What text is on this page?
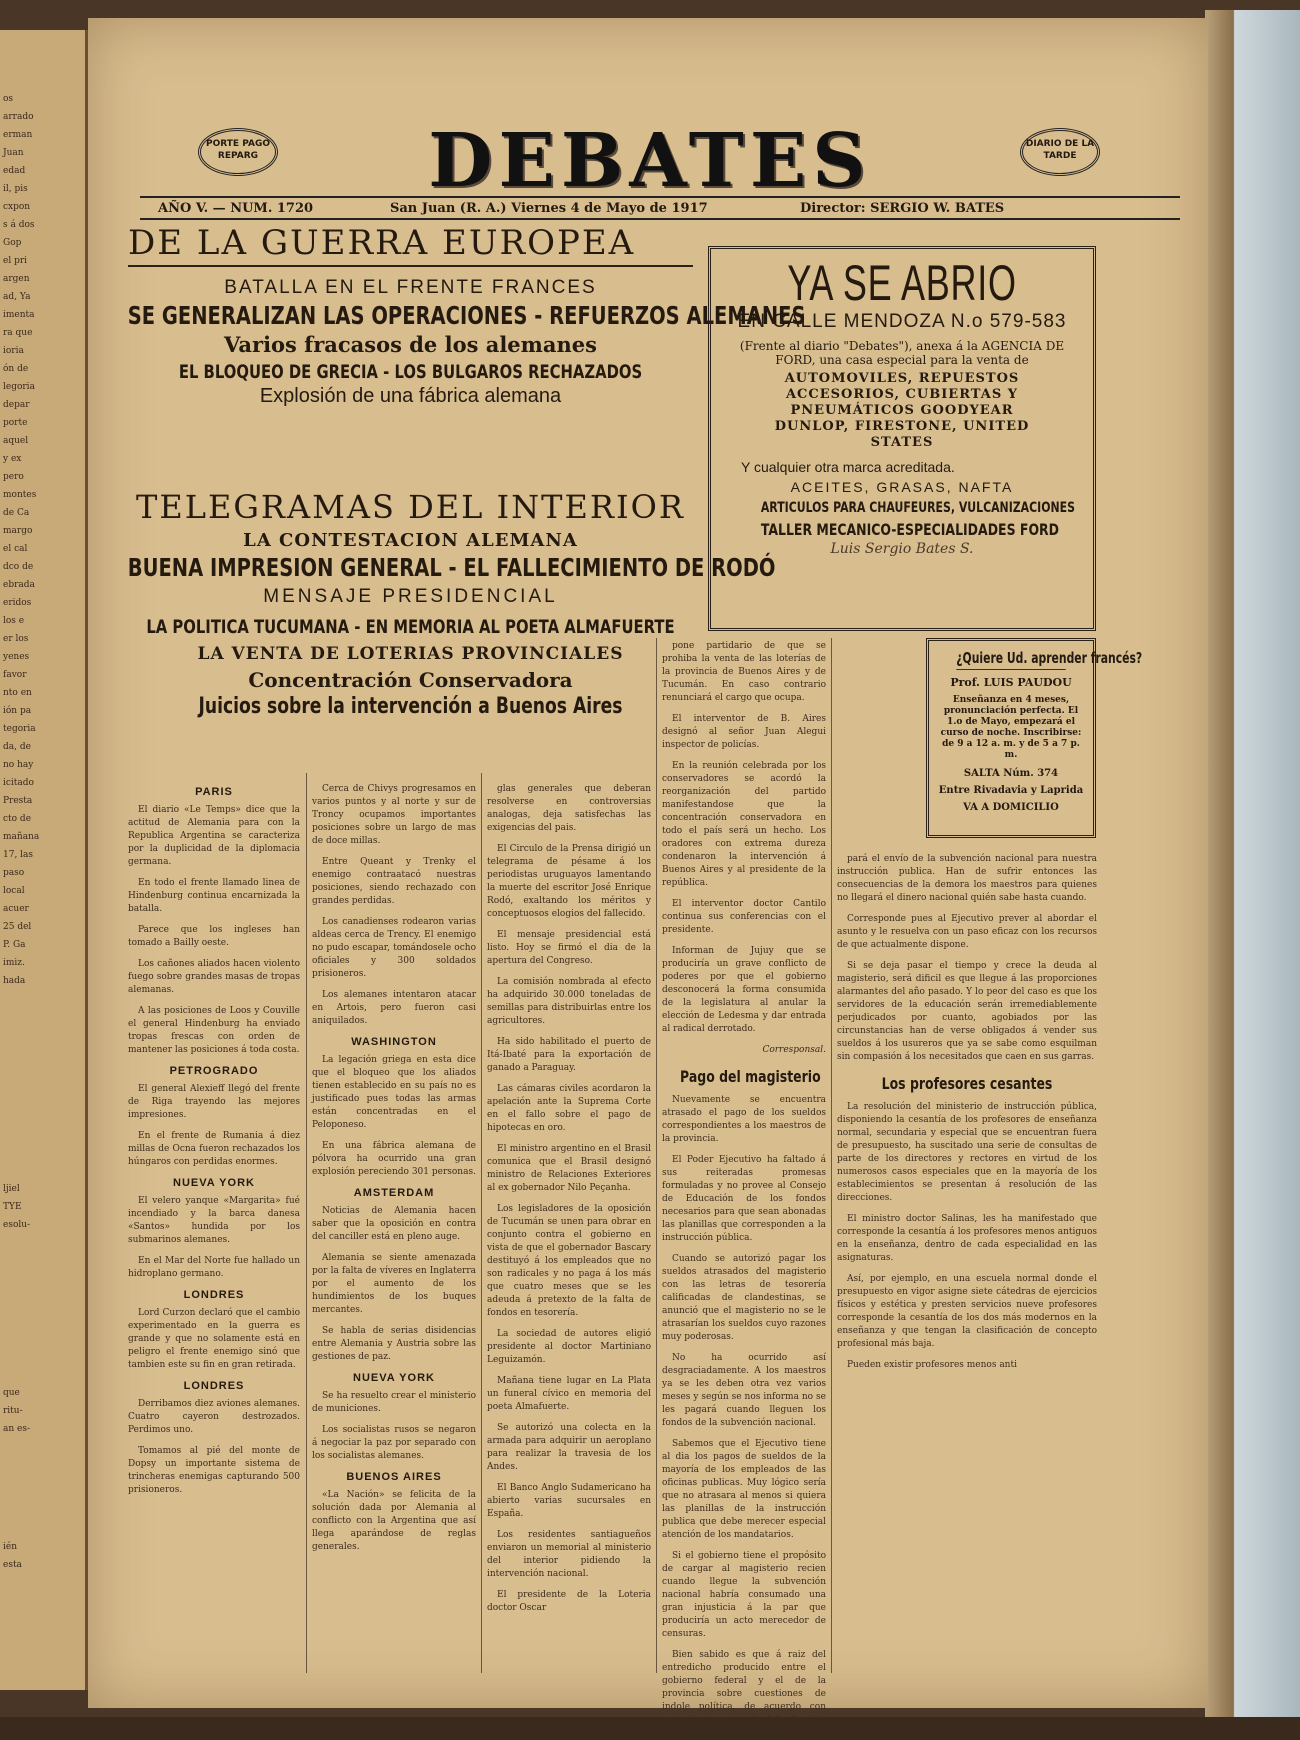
os
arrado
erman
Juan
edad
il, pis
cxpon
s á dos
Gop
el pri
argen
ad, Ya
imenta
ra que
ioria
ón de
legoria
depar
porte
aquel
y ex
pero
montes
de Ca
margo
el cal
dco de
ebrada
eridos
los e
er los
yenes
favor
nto en
ión pa
tegoria
da, de
no hay
icitado
Presta
cto de
mañana
17, las
paso
local
acuer
25 del
P. Ga
imiz.
hada
ljiel
TYE
esolu-
que
ritu-
an es-
ién
esta
PORTE PAGO
REPARG	DEBATES	DIARIO DE LA TARDE
AÑO V. — NUM. 1720	San Juan (R. A.) Viernes 4 de Mayo de 1917	Director: SERGIO W. BATES
DE LA GUERRA EUROPEA
BATALLA EN EL FRENTE FRANCES
SE GENERALIZAN LAS OPERACIONES - REFUERZOS ALEMANES
Varios fracasos de los alemanes
EL BLOQUEO DE GRECIA - LOS BULGAROS RECHAZADOS
Explosión de una fábrica alemana
TELEGRAMAS DEL INTERIOR
LA CONTESTACION ALEMANA
BUENA IMPRESION GENERAL - EL FALLECIMIENTO DE RODÓ
MENSAJE PRESIDENCIAL
LA POLITICA TUCUMANA - EN MEMORIA AL POETA ALMAFUERTE
LA VENTA DE LOTERIAS PROVINCIALES
Concentración Conservadora
Juicios sobre la intervención a Buenos Aires
YA SE ABRIO
EN CALLE MENDOZA N.o 579-583
(Frente al diario "Debates"), anexa á la AGENCIA DE FORD, una casa especial para la venta de
AUTOMOVILES, REPUESTOS ACCESORIOS, CUBIERTAS Y PNEUMÁTICOS GOODYEAR DUNLOP, FIRESTONE, UNITED STATES
Y cualquier otra marca acreditada.
ACEITES, GRASAS, NAFTA
ARTICULOS PARA CHAUFEURES, VULCANIZACIONES
TALLER MECANICO-ESPECIALIDADES FORD
Luis Sergio Bates S.
¿Quiere Ud. aprender francés?
Prof. LUIS PAUDOU
Enseñanza en 4 meses, pronunciación perfecta. El 1.o de Mayo, empezará el curso de noche. Inscribirse: de 9 a 12 a. m. y de 5 a 7 p. m.
SALTA Núm. 374
Entre Rivadavia y Laprida
VA A DOMICILIO
PARIS

El diario «Le Temps» dice que la actitud de Alemania para con la Republica Argentina se caracteriza por la duplicidad de la diplomacia germana.

En todo el frente llamado linea de Hindenburg continua encarnizada la batalla.

Parece que los ingleses han tomado a Bailly oeste.

Los cañones aliados hacen violento fuego sobre grandes masas de tropas alemanas.

A las posiciones de Loos y Couville el general Hindenburg ha enviado tropas frescas con orden de mantener las posiciones á toda costa.

PETROGRADO

El general Alexieff llegó del frente de Riga trayendo las mejores impresiones.

En el frente de Rumania á diez millas de Ocna fueron rechazados los húngaros con perdidas enormes.

NUEVA YORK

El velero yanque «Margarita» fué incendiado y la barca danesa «Santos» hundida por los submarinos alemanes.

En el Mar del Norte fue hallado un hidroplano germano.

LONDRES

Lord Curzon declaró que el cambio experimentado en la guerra es grande y que no solamente está en peligro el frente enemigo sinó que tambien este su fin en gran retirada.

LONDRES

Derribamos diez aviones alemanes. Cuatro cayeron destrozados. Perdimos uno.

Tomamos al pié del monte de Dopsy un importante sistema de trincheras enemigas capturando 500 prisioneros.

Cerca de Chivys progresamos en varios puntos y al norte y sur de Troncy ocupamos importantes posiciones sobre un largo de mas de doce millas.

Entre Queant y Trenky el enemigo contraatacó nuestras posiciones, siendo rechazado con grandes perdidas.

Los canadienses rodearon varias aldeas cerca de Trency. El enemigo no pudo escapar, tomándosele ocho oficiales y 300 soldados prisioneros.

Los alemanes intentaron atacar en Artois, pero fueron casi aniquilados.

WASHINGTON

La legación griega en esta dice que el bloqueo que los aliados tienen establecido en su país no es justificado pues todas las armas están concentradas en el Peloponeso.

En una fábrica alemana de pólvora ha ocurrido una gran explosión pereciendo 301 personas.

AMSTERDAM

Noticias de Alemania hacen saber que la oposición en contra del canciller está en pleno auge.

Alemania se siente amenazada por la falta de víveres en Inglaterra por el aumento de los hundimientos de los buques mercantes.

Se habla de serias disidencias entre Alemania y Austria sobre las gestiones de paz.

NUEVA YORK

Se ha resuelto crear el ministerio de municiones.

Los socialistas rusos se negaron á negociar la paz por separado con los socialistas alemanes.

BUENOS AIRES

«La Nación» se felicita de la solución dada por Alemania al conflicto con la Argentina que así llega aparándose de reglas generales.

glas generales que deberan resolverse en controversias analogas, deja satisfechas las exigencias del pais.

El Circulo de la Prensa dirigió un telegrama de pésame á los periodistas uruguayos lamentando la muerte del escritor José Enrique Rodó, exaltando los méritos y conceptuosos elogios del fallecido.

El mensaje presidencial está listo. Hoy se firmó el dia de la apertura del Congreso.

La comisión nombrada al efecto ha adquirido 30.000 toneladas de semillas para distribuirlas entre los agricultores.

Ha sido habilitado el puerto de Itá-Ibaté para la exportación de ganado a Paraguay.

Las cámaras civiles acordaron la apelación ante la Suprema Corte en el fallo sobre el pago de hipotecas en oro.

El ministro argentino en el Brasil comunica que el Brasil designó ministro de Relaciones Exteriores al ex gobernador Nilo Peçanha.

Los legisladores de la oposición de Tucumán se unen para obrar en conjunto contra el gobierno en vista de que el gobernador Bascary destituyó á los empleados que no son radicales y no paga á los más que cuatro meses que se les adeuda á pretexto de la falta de fondos en tesorería.

La sociedad de autores eligió presidente al doctor Martiniano Leguizamón.

Mañana tiene lugar en La Plata un funeral cívico en memoria del poeta Almafuerte.

Se autorizó una colecta en la armada para adquirir un aeroplano para realizar la travesia de los Andes.

El Banco Anglo Sudamericano ha abierto varias sucursales en España.

Los residentes santiagueños enviaron un memorial al ministerio del interior pidiendo la intervención nacional.

El presidente de la Loteria doctor Oscar

pone partidario de que se prohiba la venta de las loterías de la provincia de Buenos Aires y de Tucumán. En caso contrario renunciará el cargo que ocupa.

El interventor de B. Aires designó al señor Juan Alegui inspector de policías.

En la reunión celebrada por los conservadores se acordó la reorganización del partido manifestandose que la concentración conservadora en todo el país será un hecho. Los oradores con extrema dureza condenaron la intervención á Buenos Aires y al presidente de la república.

El interventor doctor Cantilo continua sus conferencias con el presidente.

Informan de Jujuy que se produciría un grave conflicto de poderes por que el gobierno desconocerá la forma consumida de la legislatura al anular la elección de Ledesma y dar entrada al radical derrotado.

Corresponsal.

Pago del magisterio

Nuevamente se encuentra atrasado el pago de los sueldos correspondientes a los maestros de la provincia.

El Poder Ejecutivo ha faltado á sus reiteradas promesas formuladas y no provee al Consejo de Educación de los fondos necesarios para que sean abonadas las planillas que corresponden a la instrucción pública.

Cuando se autorizó pagar los sueldos atrasados del magisterio con las letras de tesorería calificadas de clandestinas, se anunció que el magisterio no se le atrasarían los sueldos cuyo razones muy poderosas.

No ha ocurrido así desgraciadamente. A los maestros ya se les deben otra vez varios meses y según se nos informa no se les pagará cuando lleguen los fondos de la subvención nacional.

Sabemos que el Ejecutivo tiene al dia los pagos de sueldos de la mayoría de los empleados de las oficinas publicas. Muy lógico sería que no atrasara al menos si quiera las planillas de la instrucción publica que debe merecer especial atención de los mandatarios.

Si el gobierno tiene el propósito de cargar al magisterio recien cuando llegue la subvención nacional habría consumado una gran injusticia á la par que produciría un acto merecedor de censuras.

Bien sabido es que á raiz del entredicho producido entre el gobierno federal y el de la provincia sobre cuestiones de indole política, de acuerdo con anuncios que así del dominio publico, se supo que dicho

pará el envío de la subvención nacional para nuestra instrucción publica. Han de sufrir entonces las consecuencias de la demora los maestros para quienes no llegará el dinero nacional quién sabe hasta cuando.

Corresponde pues al Ejecutivo prever al abordar el asunto y le resuelva con un paso eficaz con los recursos de que actualmente dispone.

Si se deja pasar el tiempo y crece la deuda al magisterio, será dificil es que llegue á las proporciones alarmantes del año pasado. Y lo peor del caso es que los servidores de la educación serán irremediablemente perjudicados por cuanto, agobiados por las circunstancias han de verse obligados á vender sus sueldos á los usureros que ya se sabe como esquilman sin compasión á los necesitados que caen en sus garras.

Los profesores cesantes

La resolución del ministerio de instrucción pública, disponiendo la cesantía de los profesores de enseñanza normal, secundaria y especial que se encuentran fuera de presupuesto, ha suscitado una serie de consultas de parte de los directores y rectores en virtud de los numerosos casos especiales que en la mayoría de los establecimientos se presentan á resolución de las direcciones.

El ministro doctor Salinas, les ha manifestado que corresponde la cesantía á los profesores menos antiguos en la enseñanza, dentro de cada especialidad en las asignaturas.

Así, por ejemplo, en una escuela normal donde el presupuesto en vigor asigne siete cátedras de ejercicios físicos y estética y presten servicios nueve profesores corresponde la cesantía de los dos más modernos en la enseñanza y que tengan la clasificación de concepto profesional más baja.

Pueden existir profesores menos anti
